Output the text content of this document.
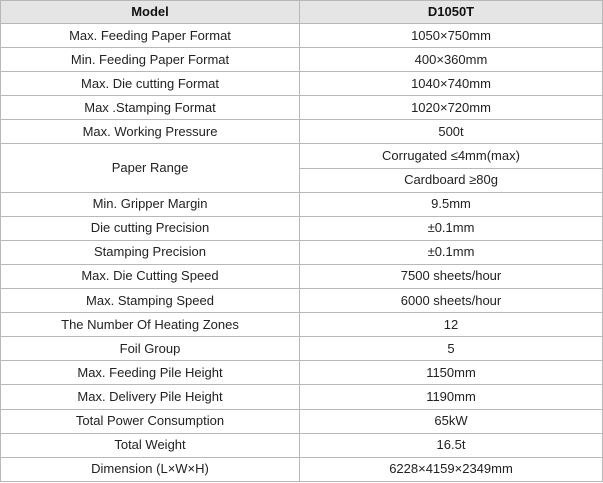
Model	D1050T
Max. Feeding Paper Format	1050×750mm
Min. Feeding Paper Format	400×360mm
Max. Die cutting Format	1040×740mm
Max .Stamping Format	1020×720mm
Max. Working Pressure	500t
Paper Range	Corrugated ≤4mm(max)
	Cardboard ≥80g
Min. Gripper Margin	9.5mm
Die cutting Precision	±0.1mm
Stamping Precision	±0.1mm
Max. Die Cutting Speed	7500 sheets/hour
Max. Stamping Speed	6000 sheets/hour
The Number Of Heating Zones	12
Foil Group	5
Max. Feeding Pile Height	1150mm
Max. Delivery Pile Height	1190mm
Total Power Consumption	65kW
Total Weight	16.5t
Dimension (L×W×H)	6228×4159×2349mm
